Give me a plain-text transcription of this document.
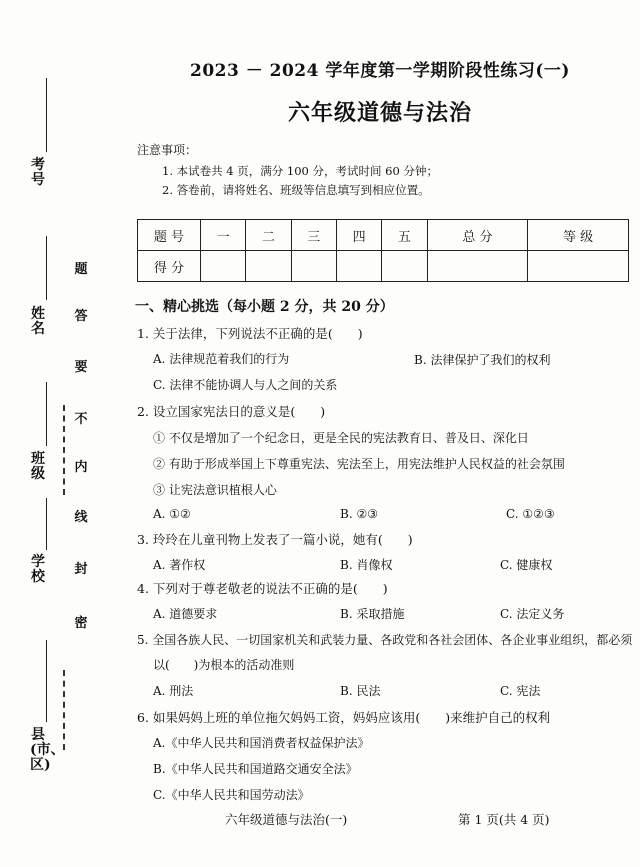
考号
姓名
班级
学校
县(市、区)
密
封
线
内
不
要
答
题
2023 － 2024 学年度第一学期阶段性练习(一)
六年级道德与法治
注意事项：
1. 本试卷共 4 页，满分 100 分，考试时间 60 分钟；
2. 答卷前，请将姓名、班级等信息填写到相应位置。
题 号	一	二	三	四	五	总 分	等 级
得 分							
一、精心挑选（每小题 2 分，共 20 分）
1. 关于法律，下列说法不正确的是(　　)
A. 法律规范着我们的行为	B. 法律保护了我们的权利
C. 法律不能协调人与人之间的关系
2. 设立国家宪法日的意义是(　　)
① 不仅是增加了一个纪念日，更是全民的宪法教育日、普及日、深化日
② 有助于形成举国上下尊重宪法、宪法至上，用宪法维护人民权益的社会氛围
③ 让宪法意识植根人心
A. ①②	B. ②③	C. ①②③
3. 玲玲在儿童刊物上发表了一篇小说，她有(　　)
A. 著作权	B. 肖像权	C. 健康权
4. 下列对于尊老敬老的说法不正确的是(　　)
A. 道德要求	B. 采取措施	C. 法定义务
5. 全国各族人民、一切国家机关和武装力量、各政党和各社会团体、各企业事业组织，都必须
以(　　)为根本的活动准则
A. 刑法	B. 民法	C. 宪法
6. 如果妈妈上班的单位拖欠妈妈工资，妈妈应该用(　　)来维护自己的权利
A.《中华人民共和国消费者权益保护法》
B.《中华人民共和国道路交通安全法》
C.《中华人民共和国劳动法》
六年级道德与法治(一)	第 1 页(共 4 页)
